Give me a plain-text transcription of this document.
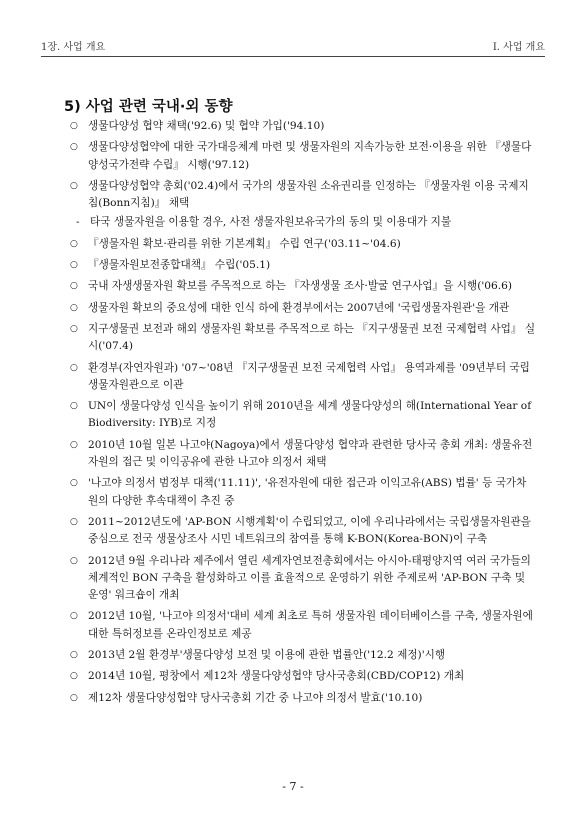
1장. 사업 개요	Ⅰ. 사업 개요
5) 사업 관련 국내·외 동향
○ 생물다양성 협약 채택('92.6) 및 협약 가입('94.10)
○ 생물다양성협약에 대한 국가대응체계 마련 및 생물자원의 지속가능한 보전·이용을 위한 『생물다양성국가전략 수립』 시행('97.12)
○ 생물다양성협약 총회('02.4)에서 국가의 생물자원 소유권리를 인정하는 『생물자원 이용 국제지침(Bonn지침)』 채택
- 타국 생물자원을 이용할 경우, 사전 생물자원보유국가의 동의 및 이용대가 지불
○ 『생물자원 확보·관리를 위한 기본계획』 수립 연구('03.11~'04.6)
○ 『생물자원보전종합대책』 수립('05.1)
○ 국내 자생생물자원 확보를 주목적으로 하는 『자생생물 조사·발굴 연구사업』을 시행('06.6)
○ 생물자원 확보의 중요성에 대한 인식 하에 환경부에서는 2007년에 '국립생물자원관'을 개관
○ 지구생물권 보전과 해외 생물자원 확보를 주목적으로 하는 『지구생물권 보전 국제협력 사업』 실시('07.4)
○ 환경부(자연자원과) '07~'08년 『지구생물권 보전 국제협력 사업』 용역과제를 '09년부터 국립생물자원관으로 이관
○ UN이 생물다양성 인식을 높이기 위해 2010년을 세계 생물다양성의 해(International Year of Biodiversity: IYB)로 지정
○ 2010년 10월 일본 나고야(Nagoya)에서 생물다양성 협약과 관련한 당사국 총회 개최: 생물유전자원의 접근 및 이익공유에 관한 나고야 의정서 채택
○ '나고야 의정서 범정부 대책('11.11)', '유전자원에 대한 접근과 이익고유(ABS) 법률' 등 국가차원의 다양한 후속대책이 추진 중
○ 2011~2012년도에 'AP-BON 시행계획'이 수립되었고, 이에 우리나라에서는 국립생물자원관을 중심으로 전국 생물상조사 시민 네트워크의 참여를 통해 K-BON(Korea-BON)이 구축
○ 2012년 9월 우리나라 제주에서 열린 세계자연보전총회에서는 아시아-태평양지역 여러 국가들의 체계적인 BON 구축을 활성화하고 이를 효율적으로 운영하기 위한 주제로써 'AP-BON 구축 및 운영' 워크숍이 개최
○ 2012년 10월, '나고야 의정서'대비 세계 최초로 특허 생물자원 데이터베이스를 구축, 생물자원에 대한 특허정보를 온라인정보로 제공
○ 2013년 2월 환경부'생물다양성 보전 및 이용에 관한 법률안('12.2 제정)'시행
○ 2014년 10월, 평창에서 제12차 생물다양성협약 당사국총회(CBD/COP12) 개최
○ 제12차 생물다양성협약 당사국총회 기간 중 나고야 의정서 발효('10.10)
- 7 -
